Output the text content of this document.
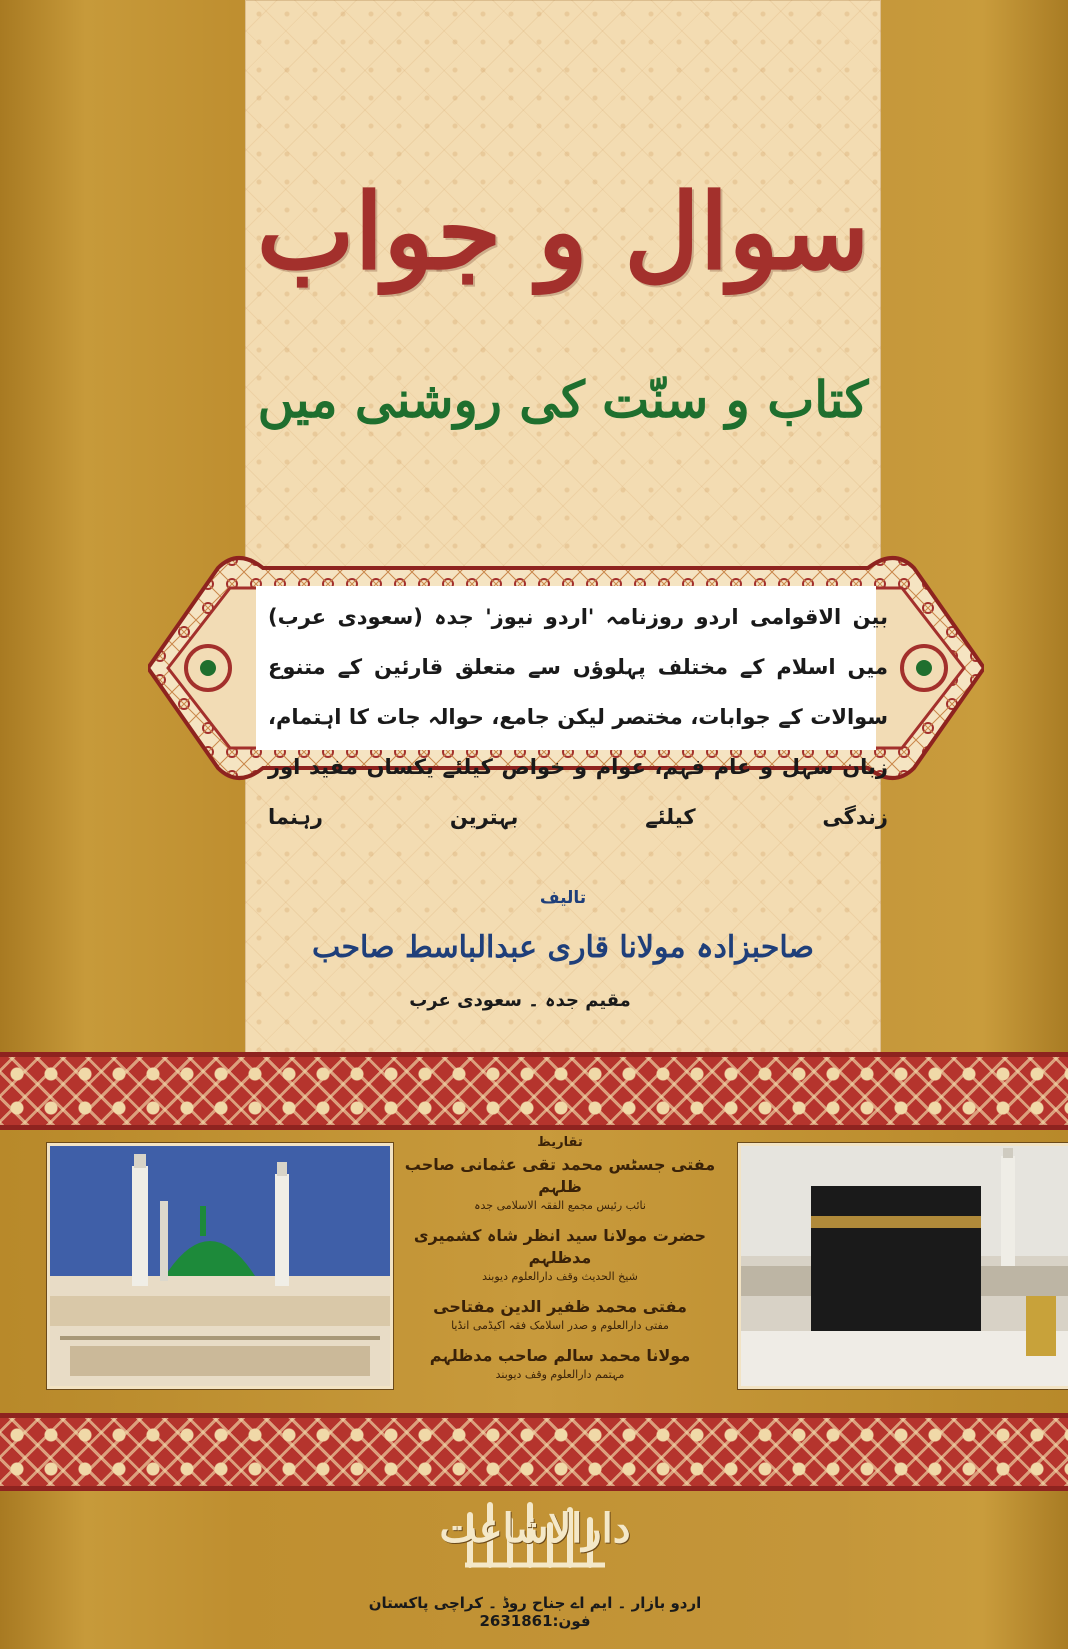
سوال و جواب
کتاب و سنّت کی روشنی میں
بین الاقوامی اردو روزنامہ 'اردو نیوز' جدہ (سعودی عرب) میں اسلام کے مختلف پہلوؤں سے متعلق قارئین کے متنوع سوالات کے جوابات، مختصر لیکن جامع، حوالہ جات کا اہتمام، زبان سہل و عام فہم، عوام و خواص کیلئے یکساں مفید اور زندگی کیلئے بہترین رہنما
تالیف
صاحبزادہ مولانا قاری عبدالباسط صاحب
مقیم جدہ ۔ سعودی عرب
تقاریظ
مفتی جسٹس محمد تقی عثمانی صاحب ظلہم
نائب رئیس مجمع الفقہ الاسلامی جدہ
حضرت مولانا سید انظر شاہ کشمیری مدظلہم
شیخ الحدیث وقف دارالعلوم دیوبند
مفتی محمد ظفیر الدین مفتاحی
مفتی دارالعلوم و صدر اسلامک فقہ اکیڈمی انڈیا
مولانا محمد سالم صاحب مدظلہم
مہتمم دارالعلوم وقف دیوبند
دارالاشاعت
اردو بازار ۔ ایم اے جناح روڈ ۔ کراچی پاکستان فون:2631861
